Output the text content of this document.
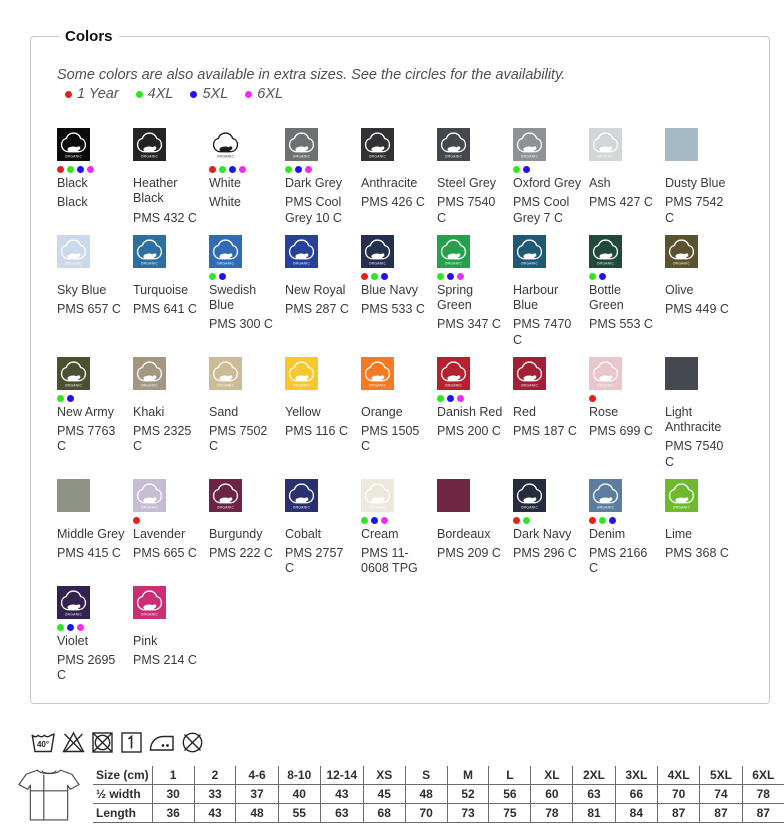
Colors

Some colors are also available in extra sizes. See the circles for the availability.

1 Year 4XL 5XL 6XL
ORGANIC
Black
Black
ORGANIC
Heather Black
PMS 432 C
ORGANIC
White
White
ORGANIC
Dark Grey
PMS Cool Grey 10 C
ORGANIC
Anthracite
PMS 426 C
ORGANIC
Steel Grey
PMS 7540 C
ORGANIC
Oxford Grey
PMS Cool Grey 7 C
ORGANIC
Ash
PMS 427 C
Dusty Blue
PMS 7542 C
ORGANIC
Sky Blue
PMS 657 C
ORGANIC
Turquoise
PMS 641 C
ORGANIC
Swedish Blue
PMS 300 C
ORGANIC
New Royal
PMS 287 C
ORGANIC
Blue Navy
PMS 533 C
ORGANIC
Spring Green
PMS 347 C
ORGANIC
Harbour Blue
PMS 7470 C
ORGANIC
Bottle Green
PMS 553 C
ORGANIC
Olive
PMS 449 C
ORGANIC
New Army
PMS 7763 C
ORGANIC
Khaki
PMS 2325 C
ORGANIC
Sand
PMS 7502 C
ORGANIC
Yellow
PMS 116 C
ORGANIC
Orange
PMS 1505 C
ORGANIC
Danish Red
PMS 200 C
ORGANIC
Red
PMS 187 C
ORGANIC
Rose
PMS 699 C
Light Anthracite
PMS 7540 C
Middle Grey
PMS 415 C
ORGANIC
Lavender
PMS 665 C
ORGANIC
Burgundy
PMS 222 C
ORGANIC
Cobalt
PMS 2757 C
ORGANIC
Cream
PMS 11-0608 TPG
Bordeaux
PMS 209 C
ORGANIC
Dark Navy
PMS 296 C
ORGANIC
Denim
PMS 2166 C
ORGANIC
Lime
PMS 368 C
ORGANIC
Violet
PMS 2695 C
ORGANIC
Pink
PMS 214 C
40°
Size (cm)	1	2	4-6	8-10	12-14	XS	S	M	L	XL	2XL	3XL	4XL	5XL	6XL
½ width	30	33	37	40	43	45	48	52	56	60	63	66	70	74	78
Length	36	43	48	55	63	68	70	73	75	78	81	84	87	87	87
